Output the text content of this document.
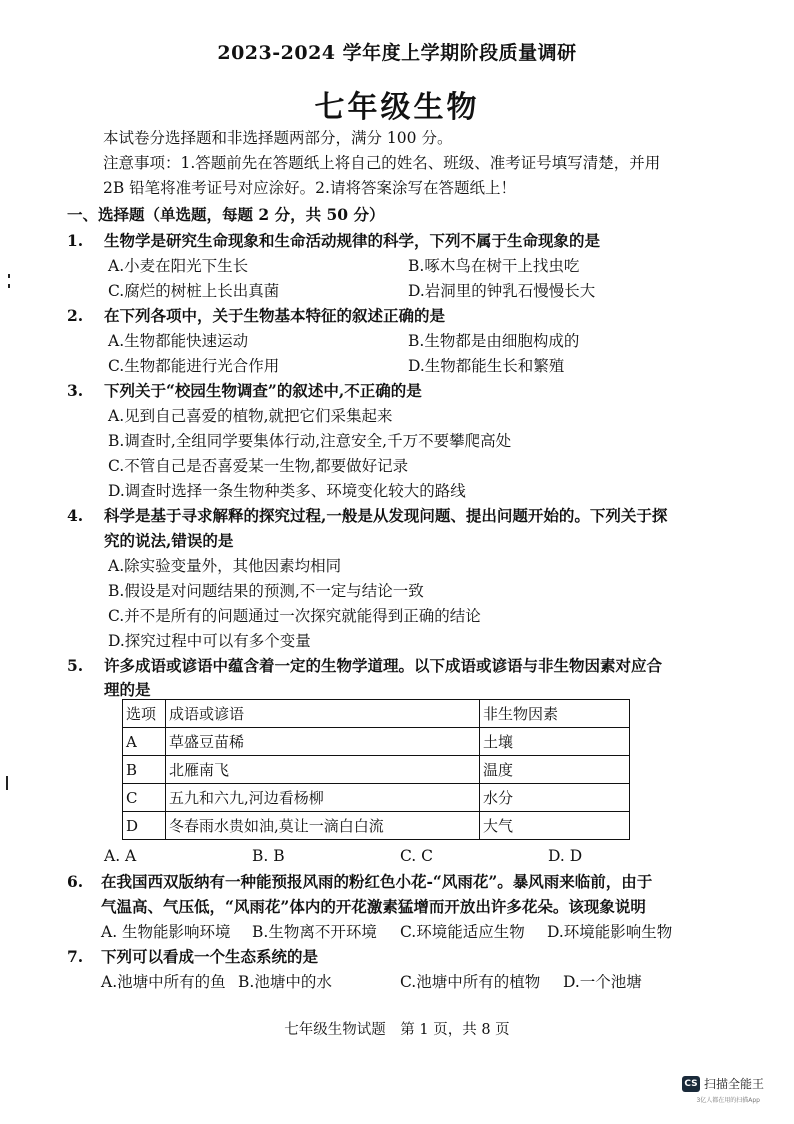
2023-2024 学年度上学期阶段质量调研
七年级生物
本试卷分选择题和非选择题两部分，满分 100 分。
注意事项：1.答题前先在答题纸上将自己的姓名、班级、准考证号填写清楚，并用
2B 铅笔将准考证号对应涂好。2.请将答案涂写在答题纸上！
一、选择题（单选题，每题 2 分，共 50 分）
1. 生物学是研究生命现象和生命活动规律的科学，下列不属于生命现象的是
A.小麦在阳光下生长	B.啄木鸟在树干上找虫吃
C.腐烂的树桩上长出真菌	D.岩洞里的钟乳石慢慢长大
2. 在下列各项中，关于生物基本特征的叙述正确的是
A.生物都能快速运动	B.生物都是由细胞构成的
C.生物都能进行光合作用	D.生物都能生长和繁殖
3. 下列关于“校园生物调查”的叙述中,不正确的是
A.见到自己喜爱的植物,就把它们采集起来
B.调查时,全组同学要集体行动,注意安全,千万不要攀爬高处
C.不管自己是否喜爱某一生物,都要做好记录
D.调查时选择一条生物种类多、环境变化较大的路线
4. 科学是基于寻求解释的探究过程,一般是从发现问题、提出问题开始的。下列关于探
究的说法,错误的是
A.除实验变量外，其他因素均相同
B.假设是对问题结果的预测,不一定与结论一致
C.并不是所有的问题通过一次探究就能得到正确的结论
D.探究过程中可以有多个变量
5. 许多成语或谚语中蕴含着一定的生物学道理。以下成语或谚语与非生物因素对应合
理的是
选项	成语或谚语	非生物因素
A	草盛豆苗稀	土壤
B	北雁南飞	温度
C	五九和六九,河边看杨柳	水分
D	冬春雨水贵如油,莫让一滴白白流	大气
A. A	B. B	C. C	D. D
6. 在我国西双版纳有一种能预报风雨的粉红色小花-“风雨花”。暴风雨来临前，由于
气温高、气压低，“风雨花”体内的开花激素猛增而开放出许多花朵。该现象说明
A. 生物能影响环境 B.生物离不开环境 C.环境能适应生物 D.环境能影响生物
7. 下列可以看成一个生态系统的是
A.池塘中所有的鱼 B.池塘中的水	C.池塘中所有的植物 D.一个池塘
七年级生物试题　第 1 页，共 8 页
CS 扫描全能王
3亿人都在用的扫描App
